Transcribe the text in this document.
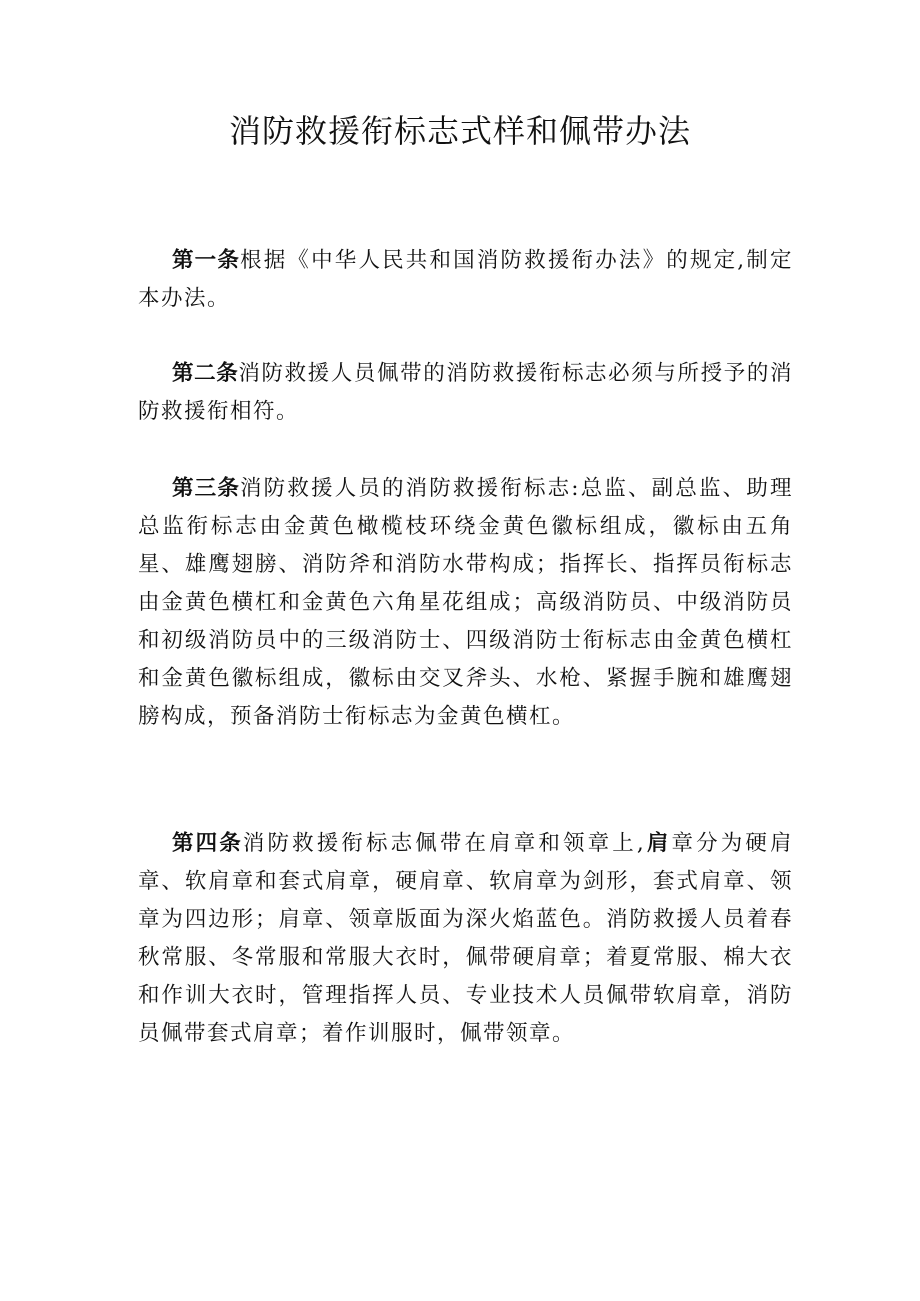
消防救援衔标志式样和佩带办法

第一条根据《中华人民共和国消防救援衔办法》的规定,制定本办法。

第二条消防救援人员佩带的消防救援衔标志必须与所授予的消防救援衔相符。

第三条消防救援人员的消防救援衔标志:总监、副总监、助理总监衔标志由金黄色橄榄枝环绕金黄色徽标组成，徽标由五角星、雄鹰翅膀、消防斧和消防水带构成；指挥长、指挥员衔标志由金黄色横杠和金黄色六角星花组成；高级消防员、中级消防员和初级消防员中的三级消防士、四级消防士衔标志由金黄色横杠和金黄色徽标组成，徽标由交叉斧头、水枪、紧握手腕和雄鹰翅膀构成，预备消防士衔标志为金黄色横杠。

第四条消防救援衔标志佩带在肩章和领章上,肩章分为硬肩章、软肩章和套式肩章，硬肩章、软肩章为剑形，套式肩章、领章为四边形；肩章、领章版面为深火焰蓝色。消防救援人员着春秋常服、冬常服和常服大衣时，佩带硬肩章；着夏常服、棉大衣和作训大衣时，管理指挥人员、专业技术人员佩带软肩章，消防员佩带套式肩章；着作训服时，佩带领章。
